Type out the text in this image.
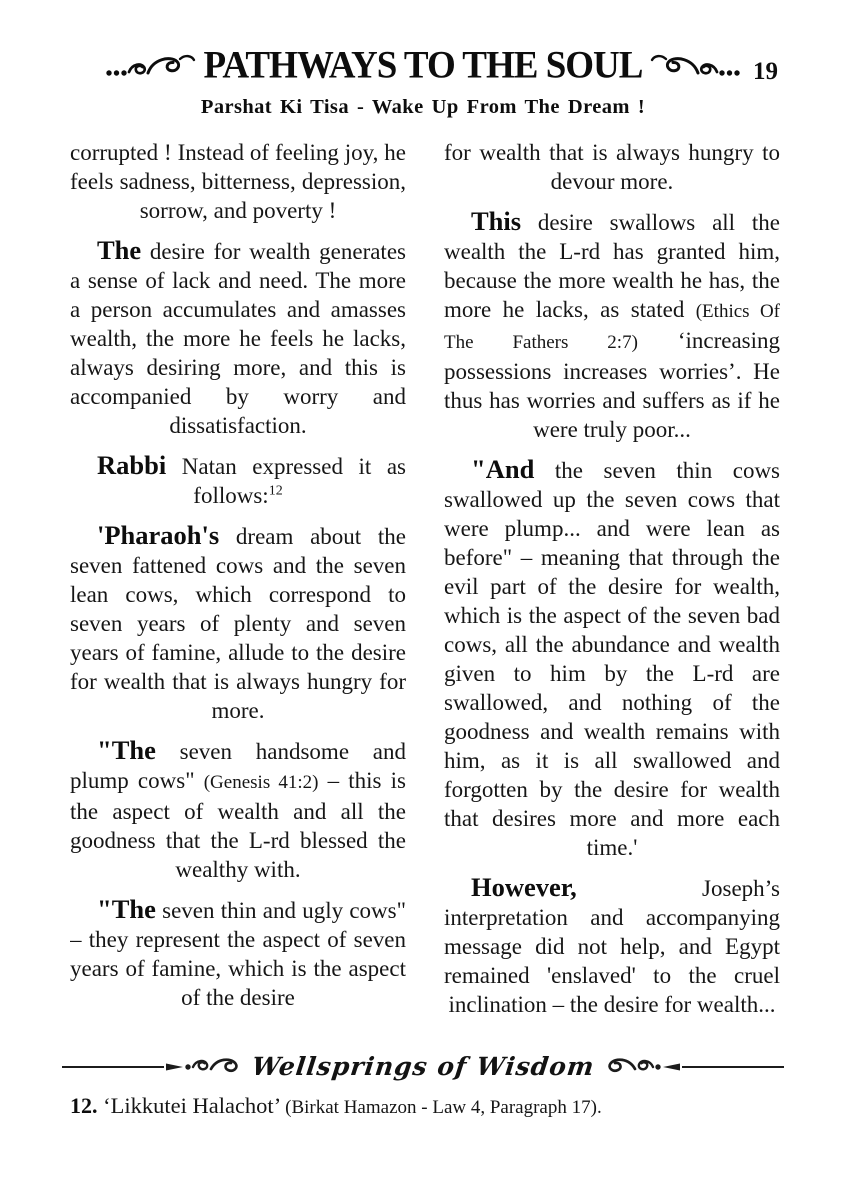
PATHWAYS TO THE SOUL	19
Parshat Ki Tisa - Wake Up From The Dream !

corrupted ! Instead of feeling joy, he feels sadness, bitterness, depression, sorrow, and poverty !

The desire for wealth generates a sense of lack and need. The more a person accumulates and amasses wealth, the more he feels he lacks, always desiring more, and this is accompanied by worry and dissatisfaction.

Rabbi Natan expressed it as follows:$^{12}$

'Pharaoh's dream about the seven fattened cows and the seven lean cows, which correspond to seven years of plenty and seven years of famine, allude to the desire for wealth that is always hungry for more.

"The seven handsome and plump cows" (Genesis 41:2) – this is the aspect of wealth and all the goodness that the L-rd blessed the wealthy with.

"The seven thin and ugly cows" – they represent the aspect of seven years of famine, which is the aspect of the desire

for wealth that is always hungry to devour more.

This desire swallows all the wealth the L-rd has granted him, because the more wealth he has, the more he lacks, as stated (Ethics Of The Fathers 2:7) ‘increasing possessions increases worries’. He thus has worries and suffers as if he were truly poor...

"And the seven thin cows swallowed up the seven cows that were plump... and were lean as before" – meaning that through the evil part of the desire for wealth, which is the aspect of the seven bad cows, all the abundance and wealth given to him by the L-rd are swallowed, and nothing of the goodness and wealth remains with him, as it is all swallowed and forgotten by the desire for wealth that desires more and more each time.'

However, Joseph’s interpretation and accompanying message did not help, and Egypt remained 'enslaved' to the cruel inclination – the desire for wealth...

Wellsprings of Wisdom
12. ‘Likkutei Halachot’ (Birkat Hamazon - Law 4, Paragraph 17).
